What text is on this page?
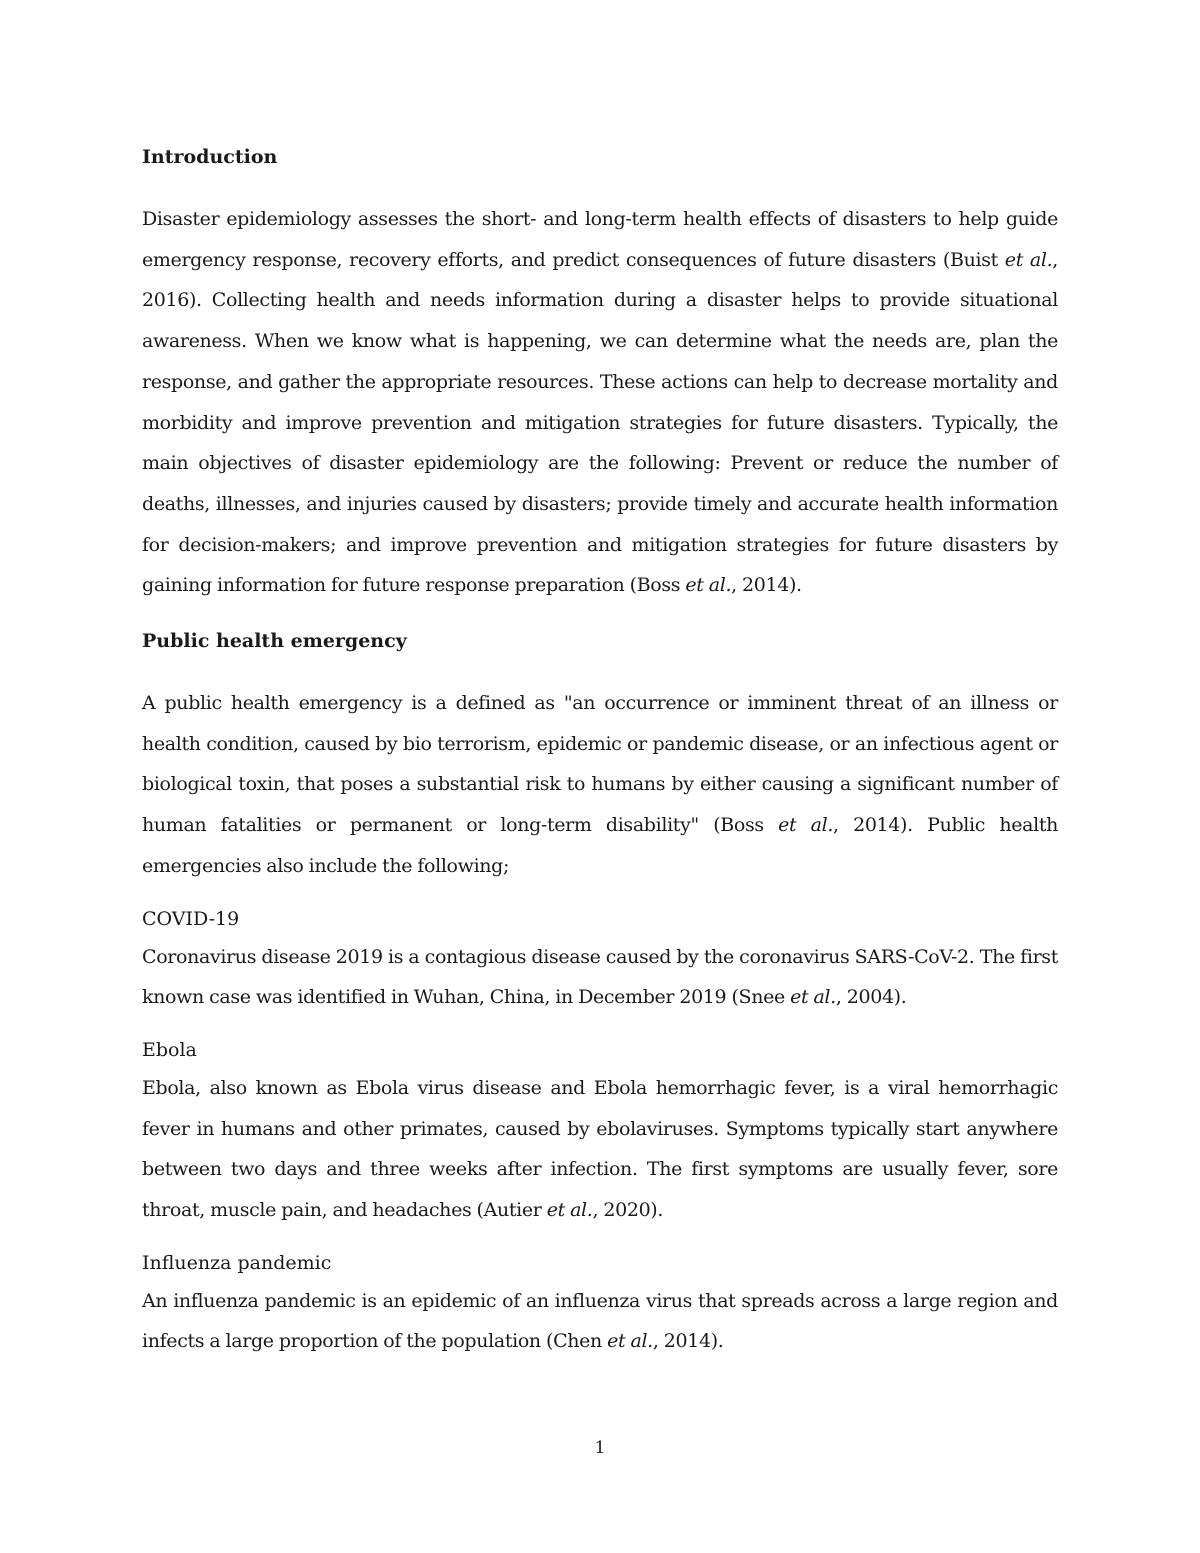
Introduction

Disaster epidemiology assesses the short- and long-term health effects of disasters to help guide emergency response, recovery efforts, and predict consequences of future disasters (Buist et al., 2016). Collecting health and needs information during a disaster helps to provide situational awareness. When we know what is happening, we can determine what the needs are, plan the response, and gather the appropriate resources. These actions can help to decrease mortality and morbidity and improve prevention and mitigation strategies for future disasters. Typically, the main objectives of disaster epidemiology are the following: Prevent or reduce the number of deaths, illnesses, and injuries caused by disasters; provide timely and accurate health information for decision-makers; and improve prevention and mitigation strategies for future disasters by gaining information for future response preparation (Boss et al., 2014).

Public health emergency

A public health emergency is a defined as "an occurrence or imminent threat of an illness or health condition, caused by bio terrorism, epidemic or pandemic disease, or an infectious agent or biological toxin, that poses a substantial risk to humans by either causing a significant number of human fatalities or permanent or long-term disability" (Boss et al., 2014). Public health emergencies also include the following;

COVID-19

Coronavirus disease 2019 is a contagious disease caused by the coronavirus SARS-CoV-2. The first known case was identified in Wuhan, China, in December 2019 (Snee et al., 2004).

Ebola

Ebola, also known as Ebola virus disease and Ebola hemorrhagic fever, is a viral hemorrhagic fever in humans and other primates, caused by ebolaviruses. Symptoms typically start anywhere between two days and three weeks after infection. The first symptoms are usually fever, sore throat, muscle pain, and headaches (Autier et al., 2020).

Influenza pandemic

An influenza pandemic is an epidemic of an influenza virus that spreads across a large region and infects a large proportion of the population (Chen et al., 2014).

1
